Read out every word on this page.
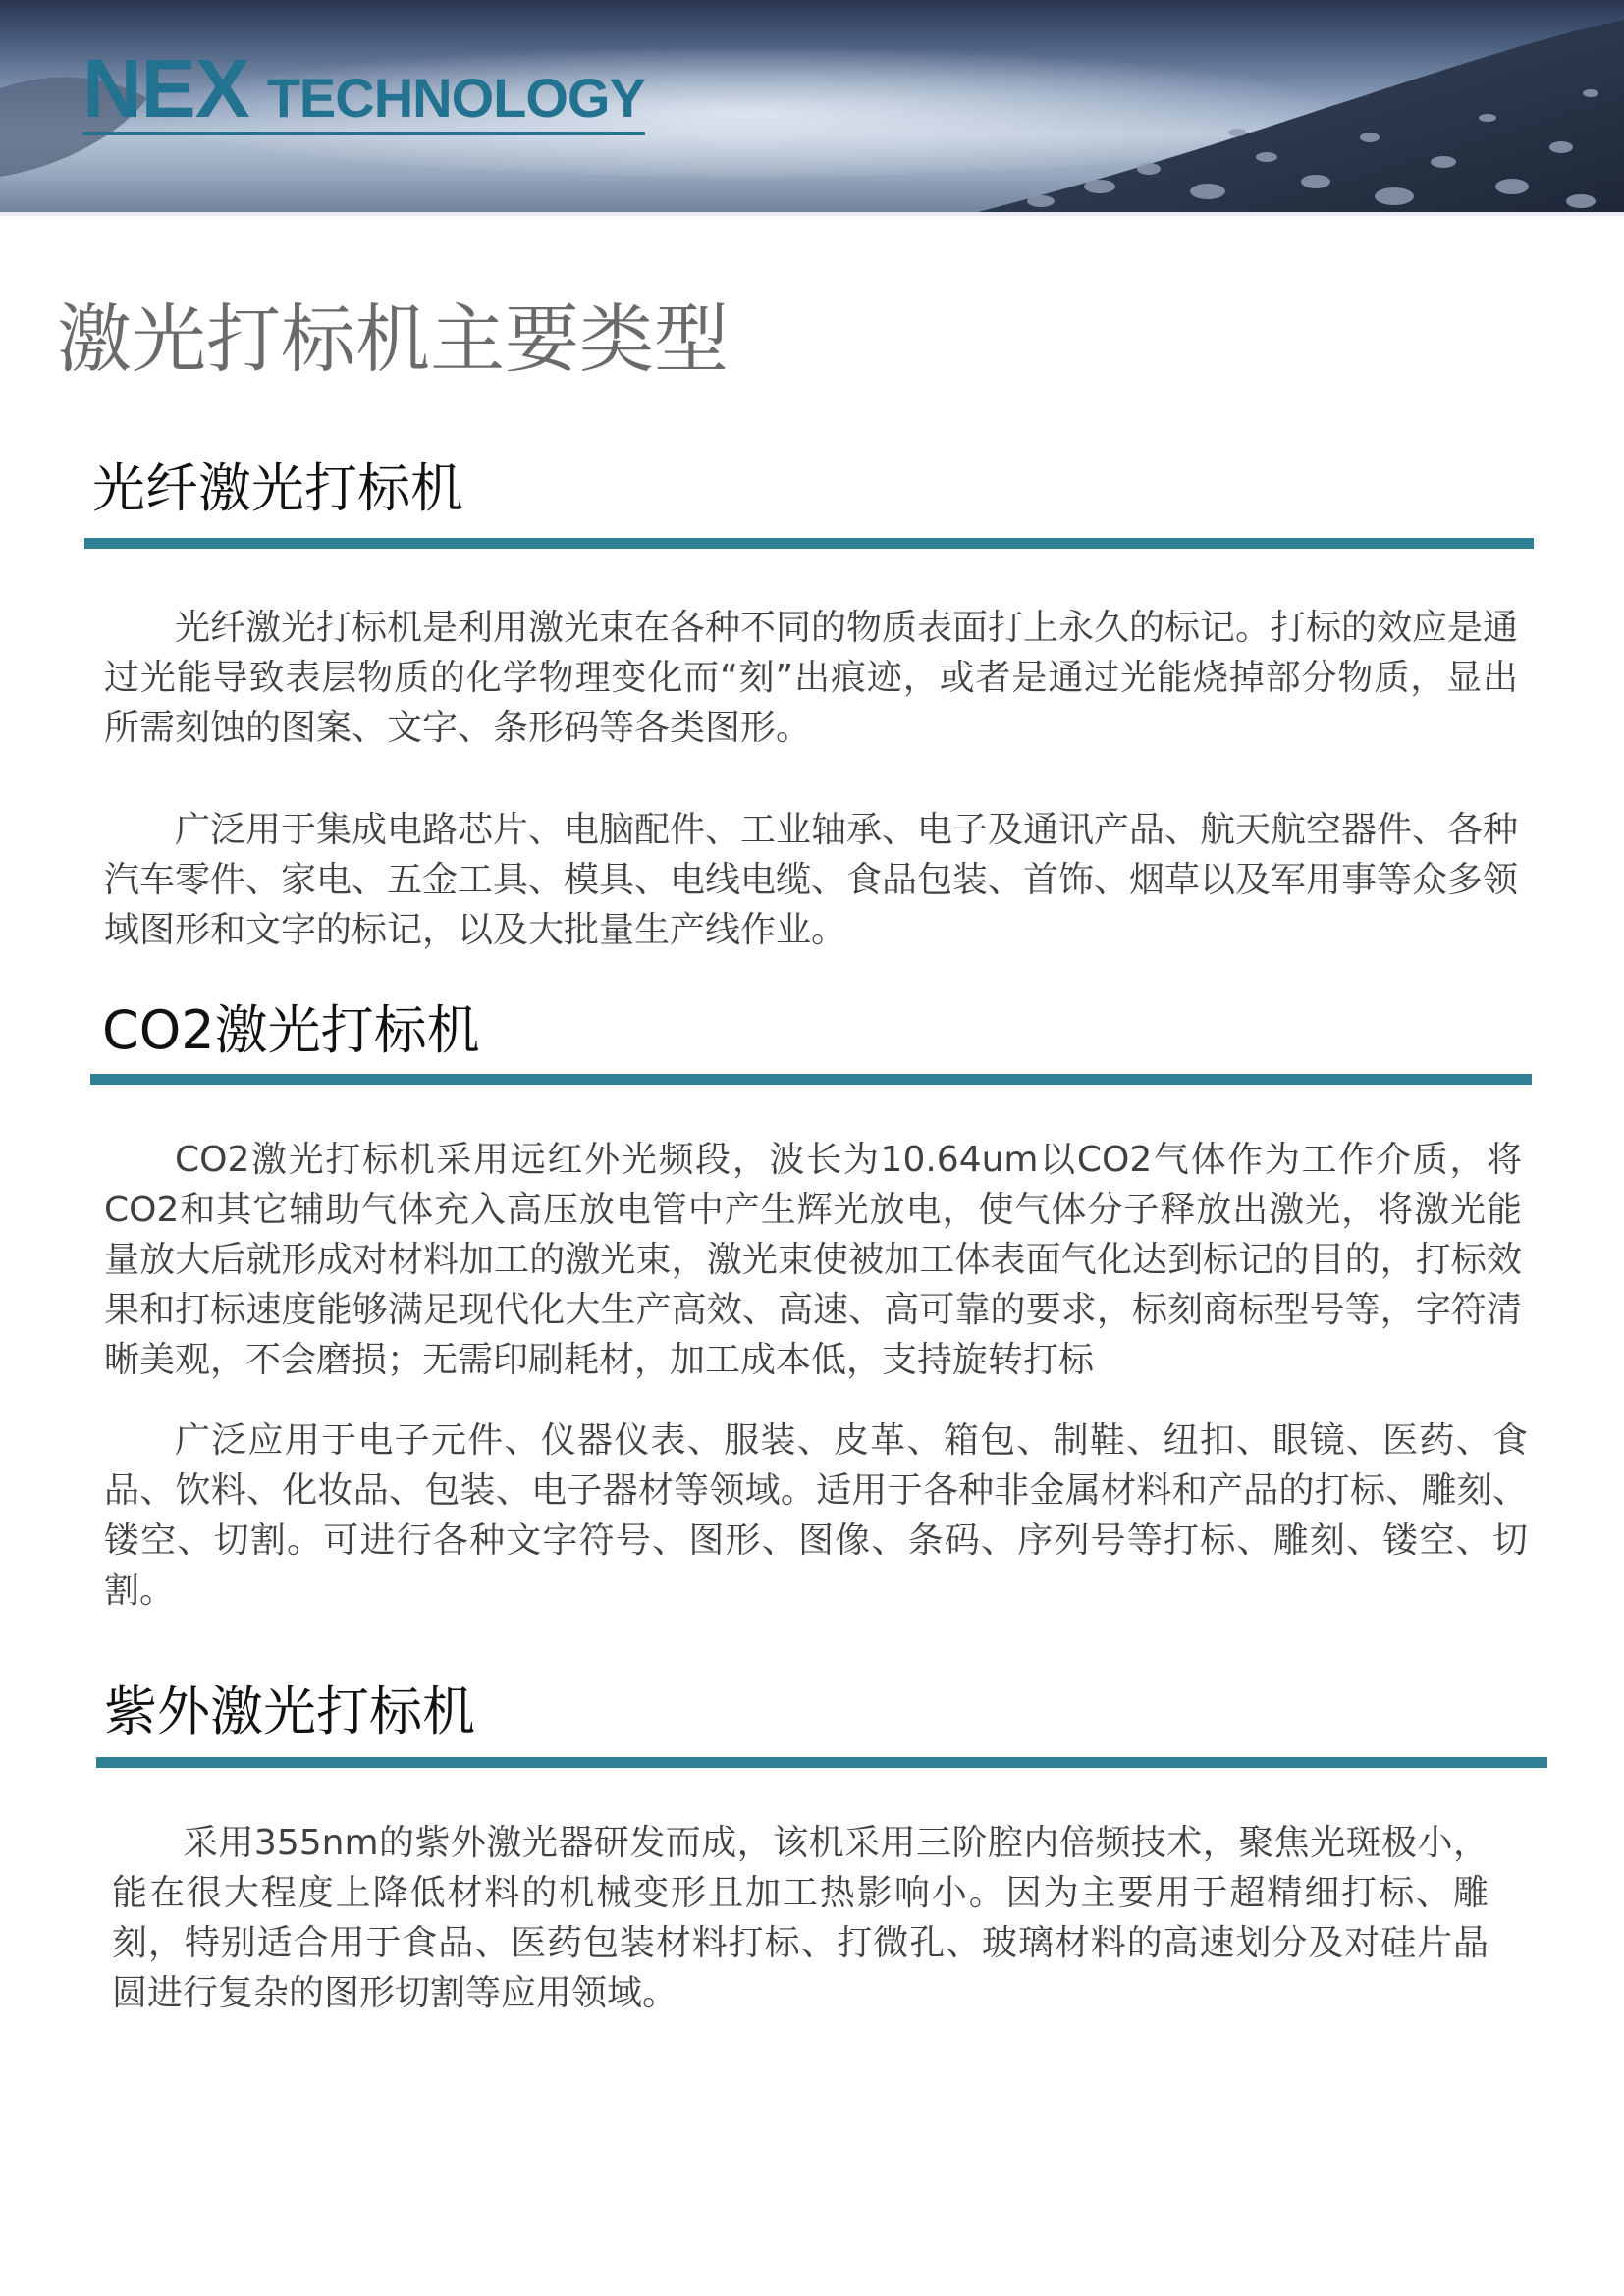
NEX TECHNOLOGY
激光打标机主要类型
光纤激光打标机

光纤激光打标机是利用激光束在各种不同的物质表面打上永久的标记。打标的效应是通过光能导致表层物质的化学物理变化而“刻”出痕迹，或者是通过光能烧掉部分物质，显出所需刻蚀的图案、文字、条形码等各类图形。

广泛用于集成电路芯片、电脑配件、工业轴承、电子及通讯产品、航天航空器件、各种汽车零件、家电、五金工具、模具、电线电缆、食品包装、首饰、烟草以及军用事等众多领域图形和文字的标记，以及大批量生产线作业。

CO2激光打标机

CO2激光打标机采用远红外光频段，波长为10.64um以CO2气体作为工作介质，将CO2和其它辅助气体充入高压放电管中产生辉光放电，使气体分子释放出激光，将激光能量放大后就形成对材料加工的激光束，激光束使被加工体表面气化达到标记的目的，打标效果和打标速度能够满足现代化大生产高效、高速、高可靠的要求，标刻商标型号等，字符清晰美观，不会磨损；无需印刷耗材，加工成本低，支持旋转打标

广泛应用于电子元件、仪器仪表、服装、皮革、箱包、制鞋、纽扣、眼镜、医药、食品、饮料、化妆品、包装、电子器材等领域。适用于各种非金属材料和产品的打标、雕刻、镂空、切割。可进行各种文字符号、图形、图像、条码、序列号等打标、雕刻、镂空、切割。

紫外激光打标机

采用355nm的紫外激光器研发而成，该机采用三阶腔内倍频技术，聚焦光斑极小，能在很大程度上降低材料的机械变形且加工热影响小。因为主要用于超精细打标、雕刻，特别适合用于食品、医药包装材料打标、打微孔、玻璃材料的高速划分及对硅片晶圆进行复杂的图形切割等应用领域。
